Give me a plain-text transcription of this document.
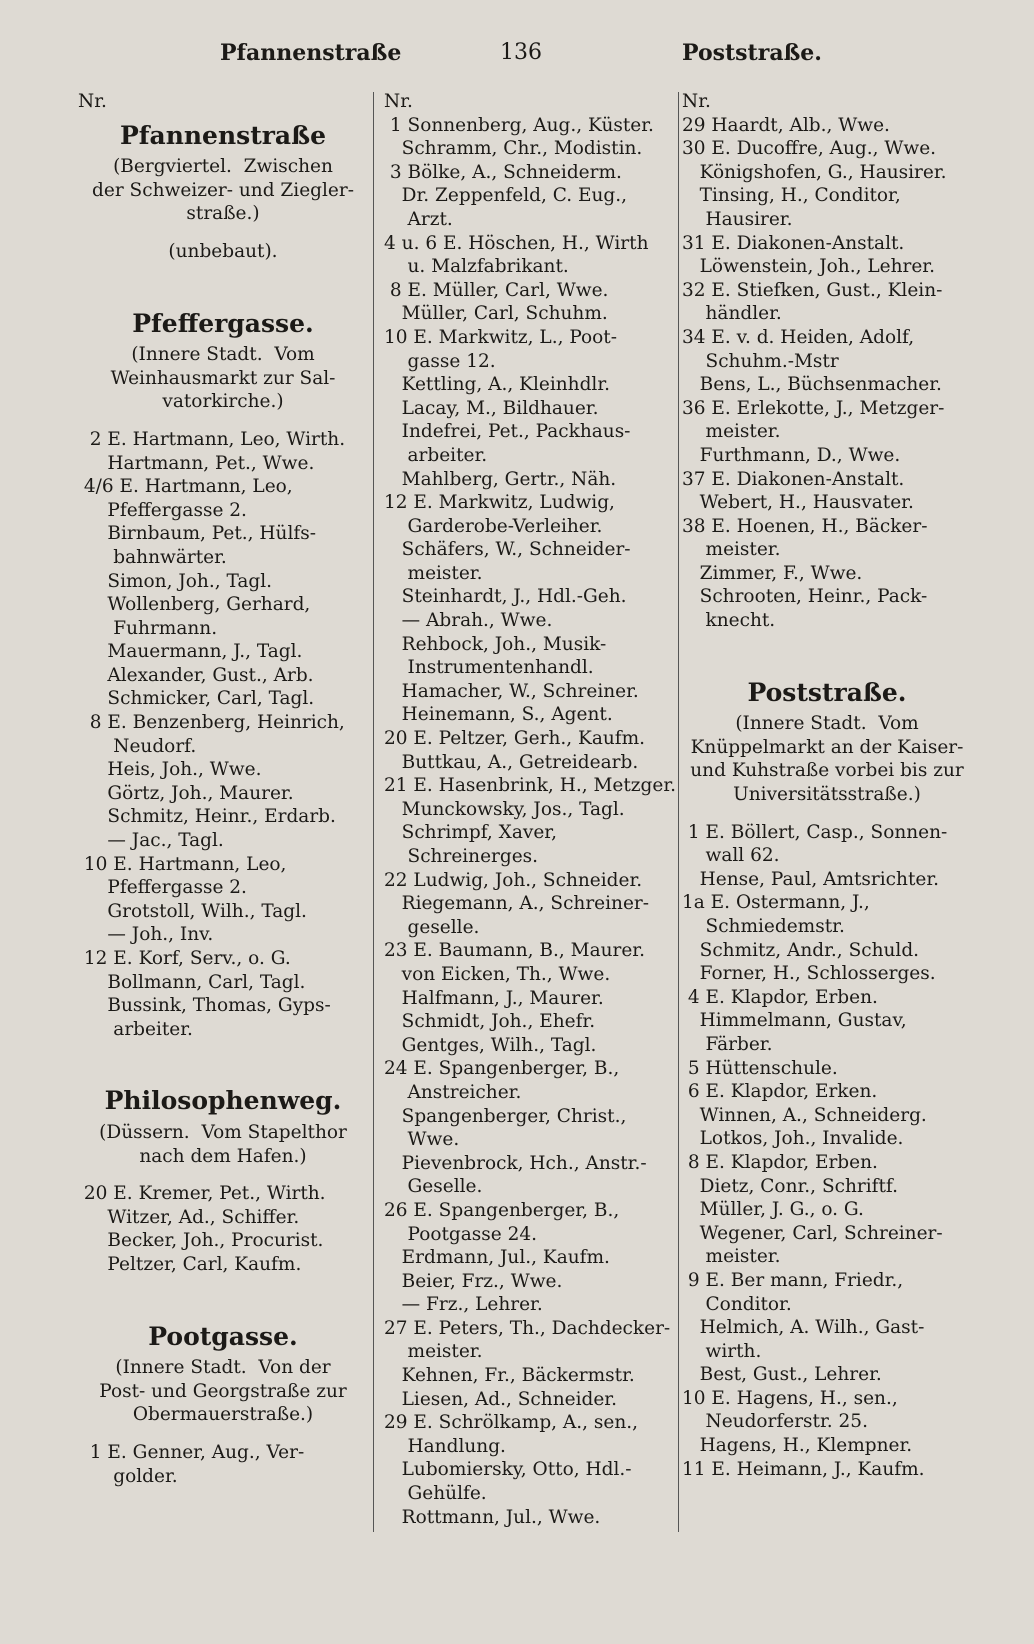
Pfannenstraße	136	Poststraße.
Nr.
Pfannenstraße
(Bergviertel.  Zwischen
der Schweizer- und Ziegler-
straße.)
(unbebaut).
Pfeffergasse.
(Innere Stadt.  Vom
Weinhausmarkt zur Sal-
vatorkirche.)
2 E. Hartmann, Leo, Wirth.
Hartmann, Pet., Wwe.
4/6 E. Hartmann, Leo,
Pfeffergasse 2.
Birnbaum, Pet., Hülfs-
bahnwärter.
Simon, Joh., Tagl.
Wollenberg, Gerhard,
Fuhrmann.
Mauermann, J., Tagl.
Alexander, Gust., Arb.
Schmicker, Carl, Tagl.
8 E. Benzenberg, Heinrich,
Neudorf.
Heis, Joh., Wwe.
Görtz, Joh., Maurer.
Schmitz, Heinr., Erdarb.
— Jac., Tagl.
10 E. Hartmann, Leo,
Pfeffergasse 2.
Grotstoll, Wilh., Tagl.
— Joh., Inv.
12 E. Korf, Serv., o. G.
Bollmann, Carl, Tagl.
Bussink, Thomas, Gyps-
arbeiter.
Philosophenweg.
(Düssern.  Vom Stapelthor
nach dem Hafen.)
20 E. Kremer, Pet., Wirth.
Witzer, Ad., Schiffer.
Becker, Joh., Procurist.
Peltzer, Carl, Kaufm.
Pootgasse.
(Innere Stadt.  Von der
Post- und Georgstraße zur
Obermauerstraße.)
1 E. Genner, Aug., Ver-
golder.
Nr.
1 Sonnenberg, Aug., Küster.
Schramm, Chr., Modistin.
3 Bölke, A., Schneiderm.
Dr. Zeppenfeld, C. Eug.,
Arzt.
4 u. 6 E. Höschen, H., Wirth
u. Malzfabrikant.
8 E. Müller, Carl, Wwe.
Müller, Carl, Schuhm.
10 E. Markwitz, L., Poot-
gasse 12.
Kettling, A., Kleinhdlr.
Lacay, M., Bildhauer.
Indefrei, Pet., Packhaus-
arbeiter.
Mahlberg, Gertr., Näh.
12 E. Markwitz, Ludwig,
Garderobe-Verleiher.
Schäfers, W., Schneider-
meister.
Steinhardt, J., Hdl.-Geh.
— Abrah., Wwe.
Rehbock, Joh., Musik-
Instrumentenhandl.
Hamacher, W., Schreiner.
Heinemann, S., Agent.
20 E. Peltzer, Gerh., Kaufm.
Buttkau, A., Getreidearb.
21 E. Hasenbrink, H., Metzger.
Munckowsky, Jos., Tagl.
Schrimpf, Xaver,
Schreinerges.
22 Ludwig, Joh., Schneider.
Riegemann, A., Schreiner-
geselle.
23 E. Baumann, B., Maurer.
von Eicken, Th., Wwe.
Halfmann, J., Maurer.
Schmidt, Joh., Ehefr.
Gentges, Wilh., Tagl.
24 E. Spangenberger, B.,
Anstreicher.
Spangenberger, Christ.,
Wwe.
Pievenbrock, Hch., Anstr.-
Geselle.
26 E. Spangenberger, B.,
Pootgasse 24.
Erdmann, Jul., Kaufm.
Beier, Frz., Wwe.
— Frz., Lehrer.
27 E. Peters, Th., Dachdecker-
meister.
Kehnen, Fr., Bäckermstr.
Liesen, Ad., Schneider.
29 E. Schrölkamp, A., sen.,
Handlung.
Lubomiersky, Otto, Hdl.-
Gehülfe.
Rottmann, Jul., Wwe.
Nr.
29 Haardt, Alb., Wwe.
30 E. Ducoffre, Aug., Wwe.
Königshofen, G., Hausirer.
Tinsing, H., Conditor,
Hausirer.
31 E. Diakonen-Anstalt.
Löwenstein, Joh., Lehrer.
32 E. Stiefken, Gust., Klein-
händler.
34 E. v. d. Heiden, Adolf,
Schuhm.-Mstr
Bens, L., Büchsenmacher.
36 E. Erlekotte, J., Metzger-
meister.
Furthmann, D., Wwe.
37 E. Diakonen-Anstalt.
Webert, H., Hausvater.
38 E. Hoenen, H., Bäcker-
meister.
Zimmer, F., Wwe.
Schrooten, Heinr., Pack-
knecht.
Poststraße.
(Innere Stadt.  Vom
Knüppelmarkt an der Kaiser-
und Kuhstraße vorbei bis zur
Universitätsstraße.)
1 E. Böllert, Casp., Sonnen-
wall 62.
Hense, Paul, Amtsrichter.
1a E. Ostermann, J.,
Schmiedemstr.
Schmitz, Andr., Schuld.
Forner, H., Schlosserges.
4 E. Klapdor, Erben.
Himmelmann, Gustav,
Färber.
5 Hüttenschule.
6 E. Klapdor, Erken.
Winnen, A., Schneiderg.
Lotkos, Joh., Invalide.
8 E. Klapdor, Erben.
Dietz, Conr., Schriftf.
Müller, J. G., o. G.
Wegener, Carl, Schreiner-
meister.
9 E. Ber mann, Friedr.,
Conditor.
Helmich, A. Wilh., Gast-
wirth.
Best, Gust., Lehrer.
10 E. Hagens, H., sen.,
Neudorferstr. 25.
Hagens, H., Klempner.
11 E. Heimann, J., Kaufm.
